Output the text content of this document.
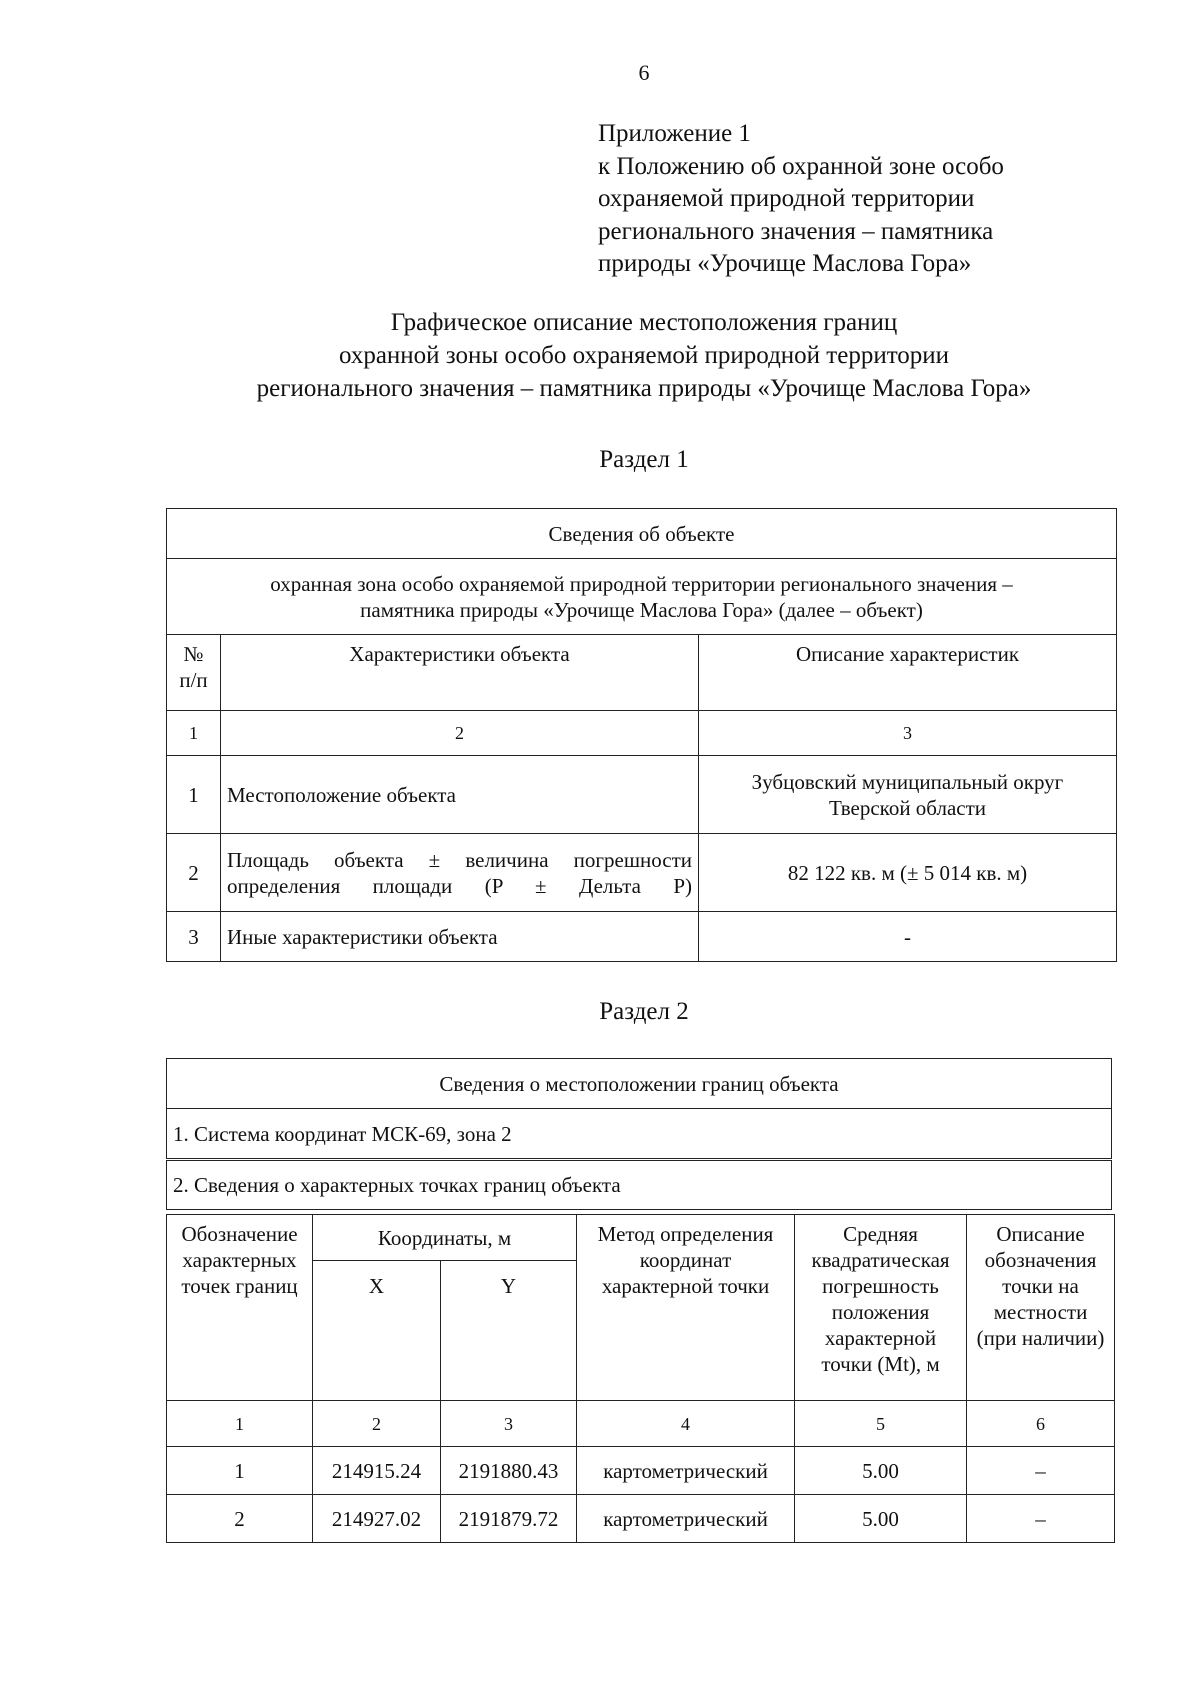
6
Приложение 1
к Положению об охранной зоне особо
охраняемой природной территории
регионального значения – памятника
природы «Урочище Маслова Гора»
Графическое описание местоположения границ
охранной зоны особо охраняемой природной территории
регионального значения – памятника природы «Урочище Маслова Гора»
Раздел 1
Сведения об объекте		

охранная зона особо охраняемой природной территории регионального значения –
памятника природы «Урочище Маслова Гора» (далее – объект)		

№ п/п	Характеристики объекта	Описание характеристик
1	2	3
1	Местоположение объекта	Зубцовский муниципальный округ Тверской области
2	Площадь объекта ± величина погрешности определения площади (P ± Дельта P)	82 122 кв. м (± 5 014 кв. м)
3	Иные характеристики объекта	-
Раздел 2
Сведения о местоположении границ объекта
1. Система координат МСК-69, зона 2
2. Сведения о характерных точках границ объекта
Обозначение характерных точек границ	Координаты, м		Метод определения координат характерной точки	Средняя квадратическая погрешность положения характерной точки (Mt), м	Описание обозначения точки на местности (при наличии)
	X	Y			
1	2	3	4	5	6
1	214915.24	2191880.43	картометрический	5.00	–
2	214927.02	2191879.72	картометрический	5.00	–
